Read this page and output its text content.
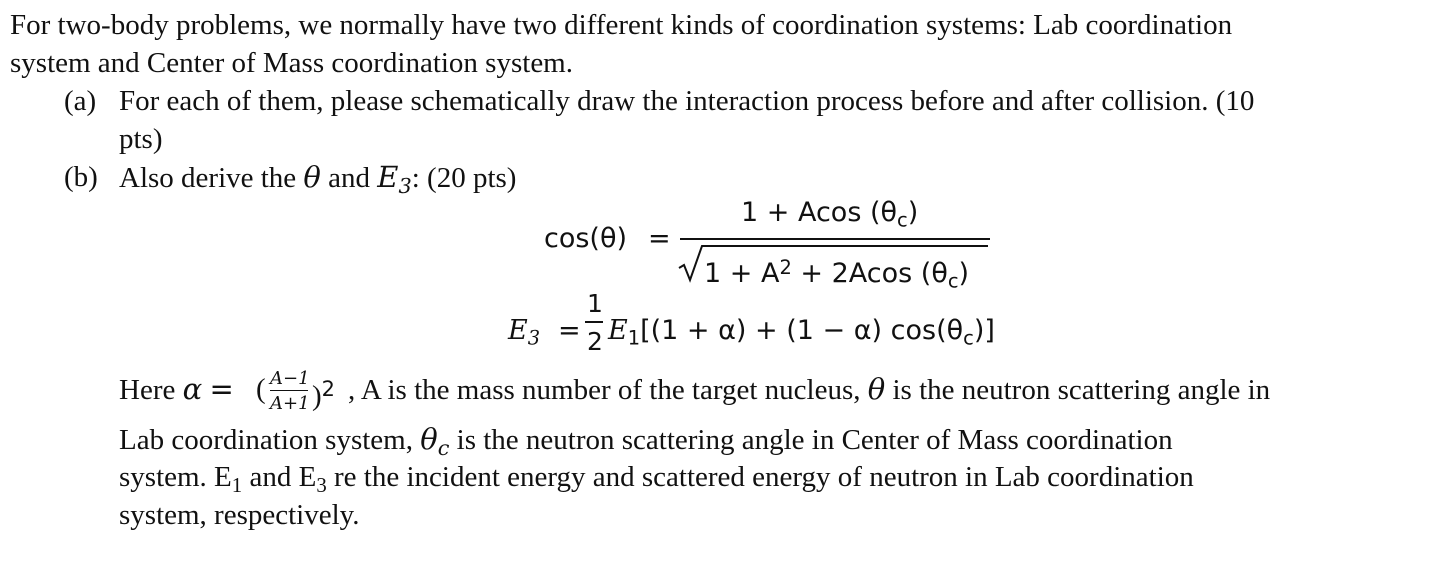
For two-body problems, we normally have two different kinds of coordination systems: Lab coordination
system and Center of Mass coordination system.
(a) For each of them, please schematically draw the interaction process before and after collision. (10
pts)
(b) Also derive the θ and $E_3$: (20 pts)
cos(θ) =
1 + Acos $(\theta_c)$
$1 + A^2 + 2Acos$ $(\theta_c)$
$E_3$ =
1
2 $E_1[(1 + \alpha) + (1 - \alpha)$ $\cos(\theta_c)$]
Here α = ( A−1
A+1 )$^2$ , A is the mass number of the target nucleus, θ is the neutron scattering angle in
Lab coordination system, $\theta_c$ is the neutron scattering angle in Center of Mass coordination
system. $E_1$ and $E_3$ re the incident energy and scattered energy of neutron in Lab coordination
system, respectively.
